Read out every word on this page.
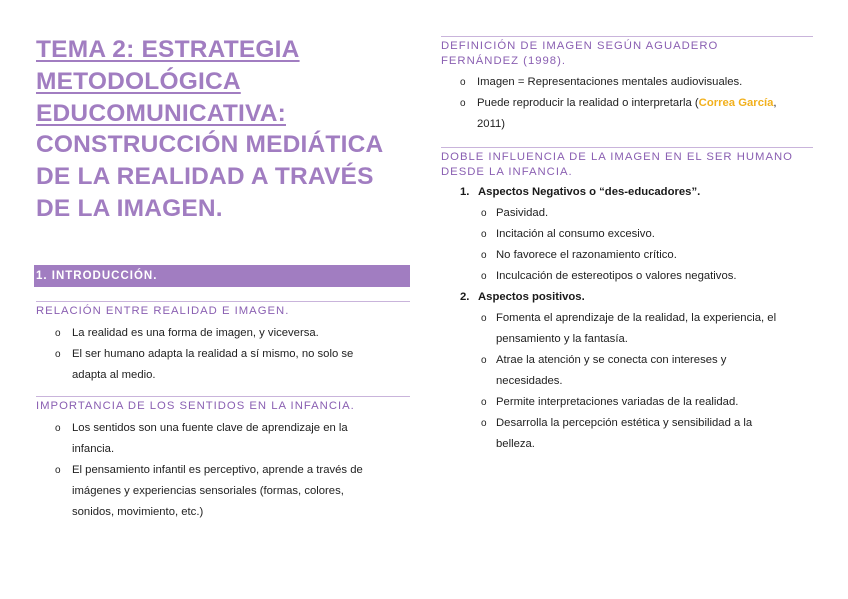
TEMA 2: ESTRATEGIA
METODOLÓGICA
EDUCOMUNICATIVA:
CONSTRUCCIÓN MEDIÁTICA
DE LA REALIDAD A TRAVÉS
DE LA IMAGEN.
1. INTRODUCCIÓN.
RELACIÓN ENTRE REALIDAD E IMAGEN.
o La realidad es una forma de imagen, y viceversa.
o El ser humano adapta la realidad a sí mismo, no solo se
adapta al medio.
IMPORTANCIA DE LOS SENTIDOS EN LA INFANCIA.
o Los sentidos son una fuente clave de aprendizaje en la
infancia.
o El pensamiento infantil es perceptivo, aprende a través de
imágenes y experiencias sensoriales (formas, colores,
sonidos, movimiento, etc.)
DEFINICIÓN DE IMAGEN SEGÚN AGUADERO
FERNÁNDEZ (1998).
o Imagen = Representaciones mentales audiovisuales.
o Puede reproducir la realidad o interpretarla (Correa García,
2011)
DOBLE INFLUENCIA DE LA IMAGEN EN EL SER HUMANO
DESDE LA INFANCIA.
1. Aspectos Negativos o “des-educadores”.
o Pasividad.
o Incitación al consumo excesivo.
o No favorece el razonamiento crítico.
o Inculcación de estereotipos o valores negativos.
2. Aspectos positivos.
o Fomenta el aprendizaje de la realidad, la experiencia, el
pensamiento y la fantasía.
o Atrae la atención y se conecta con intereses y
necesidades.
o Permite interpretaciones variadas de la realidad.
o Desarrolla la percepción estética y sensibilidad a la
belleza.
